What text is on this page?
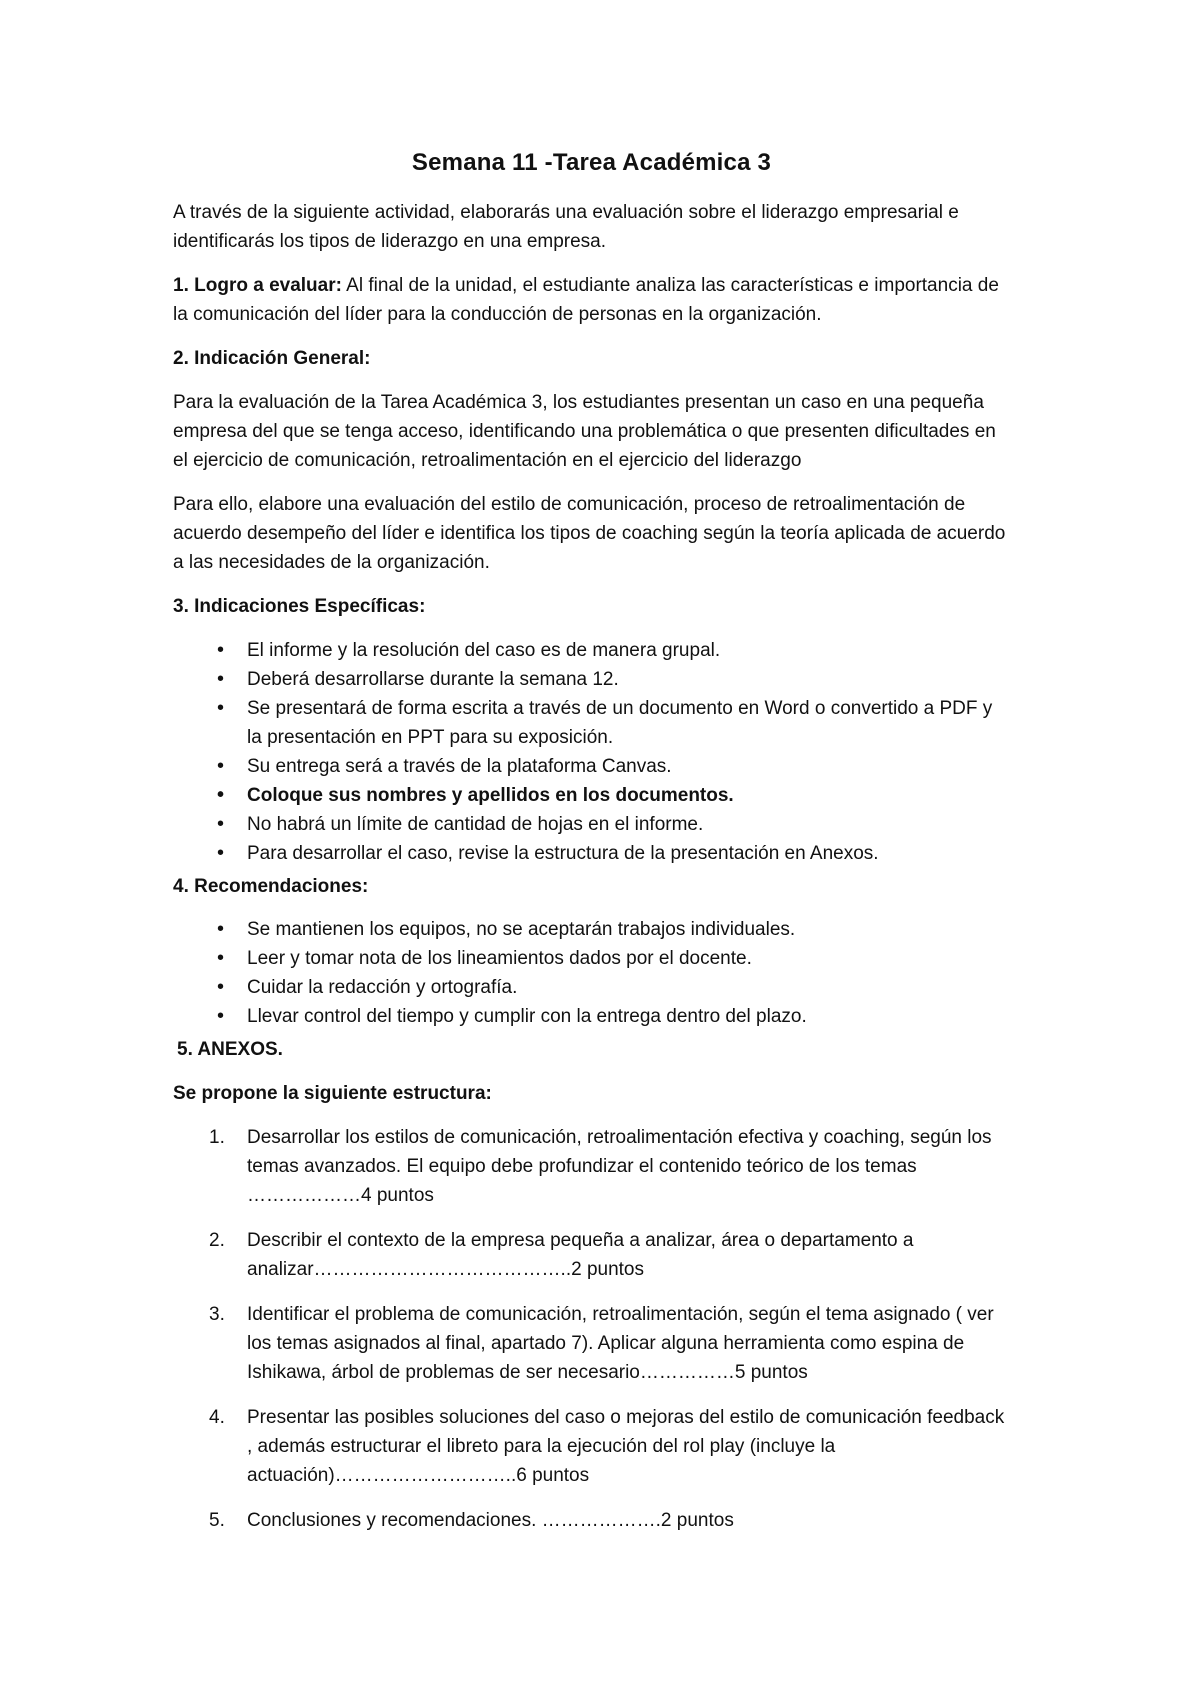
Semana 11 -Tarea Académica 3

A través de la siguiente actividad, elaborarás una evaluación sobre el liderazgo empresarial e identificarás los tipos de liderazgo en una empresa.

1. Logro a evaluar: Al final de la unidad, el estudiante analiza las características e importancia de la comunicación del líder para la conducción de personas en la organización.

2. Indicación General:

Para la evaluación de la Tarea Académica 3, los estudiantes presentan un caso en una pequeña empresa del que se tenga acceso, identificando una problemática o que presenten dificultades en el ejercicio de comunicación, retroalimentación en el ejercicio del liderazgo

Para ello, elabore una evaluación del estilo de comunicación, proceso de retroalimentación de acuerdo desempeño del líder e identifica los tipos de coaching según la teoría aplicada de acuerdo a las necesidades de la organización.

3. Indicaciones Específicas:
• El informe y la resolución del caso es de manera grupal.
• Deberá desarrollarse durante la semana 12.
• Se presentará de forma escrita a través de un documento en Word o convertido a PDF y la presentación en PPT para su exposición.
• Su entrega será a través de la plataforma Canvas.
• Coloque sus nombres y apellidos en los documentos.
• No habrá un límite de cantidad de hojas en el informe.
• Para desarrollar el caso, revise la estructura de la presentación en Anexos.
4. Recomendaciones:
• Se mantienen los equipos, no se aceptarán trabajos individuales.
• Leer y tomar nota de los lineamientos dados por el docente.
• Cuidar la redacción y ortografía.
• Llevar control del tiempo y cumplir con la entrega dentro del plazo.
5. ANEXOS.
Se propone la siguiente estructura:
1. Desarrollar los estilos de comunicación, retroalimentación efectiva y coaching, según los temas avanzados. El equipo debe profundizar el contenido teórico de los temas ………………4 puntos
2. Describir el contexto de la empresa pequeña a analizar, área o departamento a analizar…………………………………..2 puntos
3. Identificar el problema de comunicación, retroalimentación, según el tema asignado ( ver los temas asignados al final, apartado 7). Aplicar alguna herramienta como espina de Ishikawa, árbol de problemas de ser necesario……………5 puntos
4. Presentar las posibles soluciones del caso o mejoras del estilo de comunicación feedback , además estructurar el libreto para la ejecución del rol play (incluye la actuación)………………………..6 puntos
5. Conclusiones y recomendaciones. ……………….2 puntos
